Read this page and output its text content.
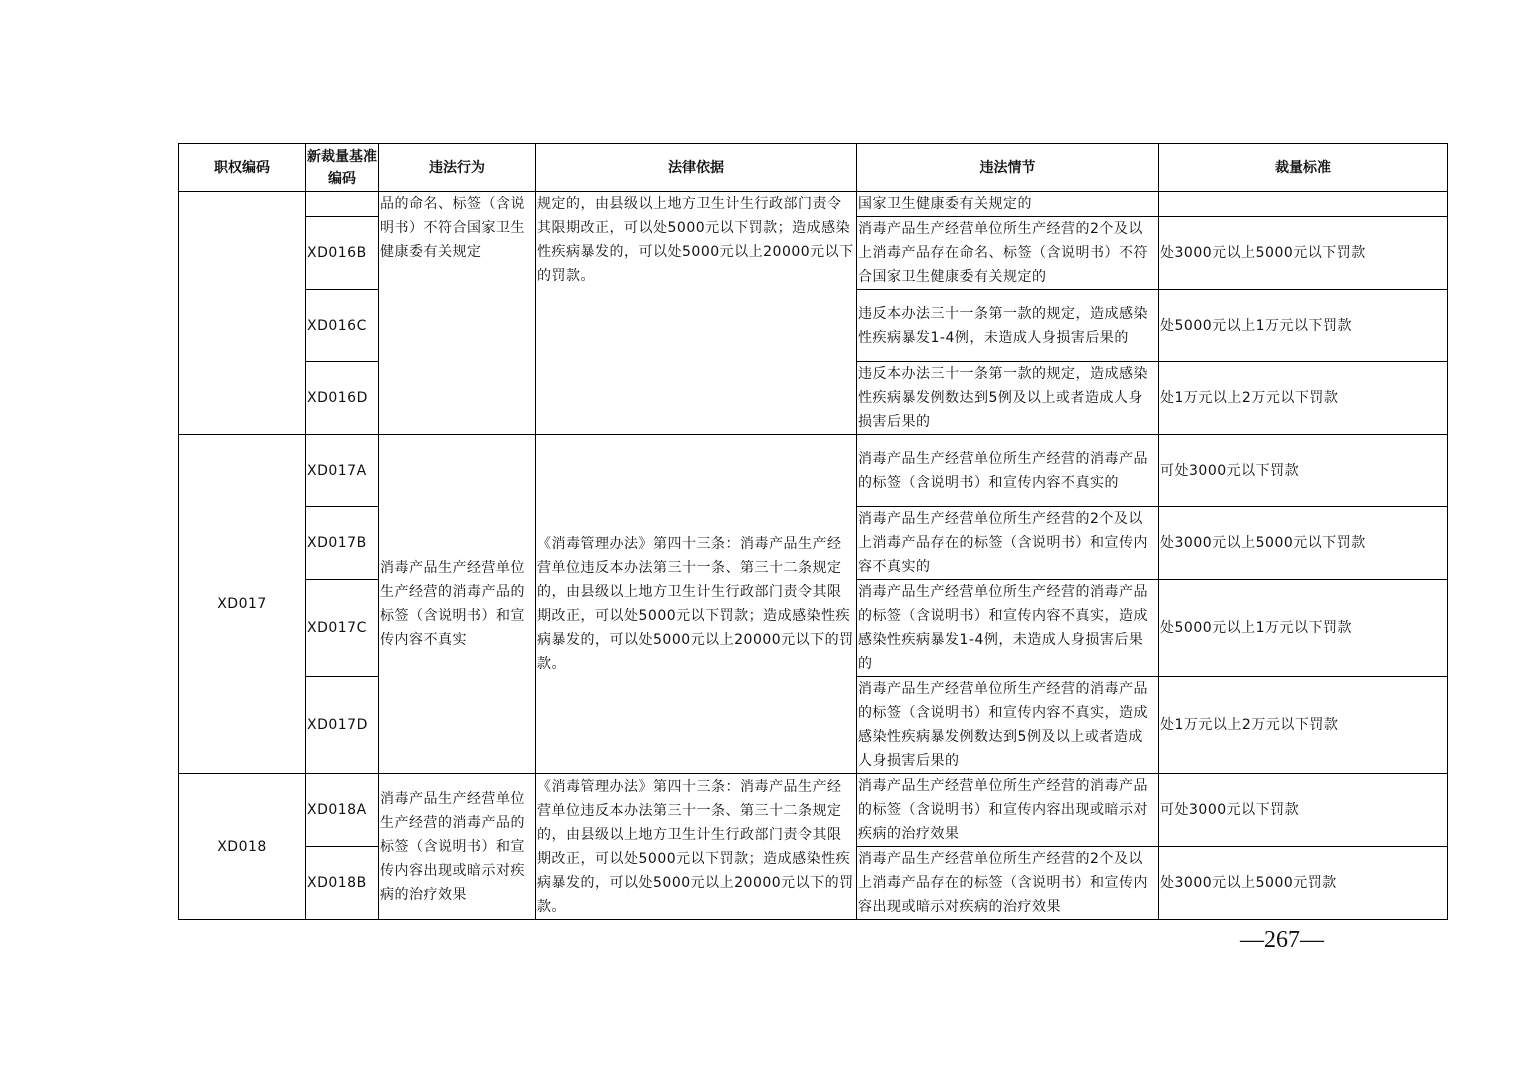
职权编码	新裁量基准编码	违法行为	法律依据	违法情节	裁量标准
		品的命名、标签（含说明书）不符合国家卫生健康委有关规定	规定的，由县级以上地方卫生计生行政部门责令其限期改正，可以处5000元以下罚款；造成感染性疾病暴发的，可以处5000元以上20000元以下的罚款。	国家卫生健康委有关规定的	
	XD016B			消毒产品生产经营单位所生产经营的2个及以上消毒产品存在命名、标签（含说明书）不符合国家卫生健康委有关规定的	处3000元以上5000元以下罚款
	XD016C			违反本办法三十一条第一款的规定，造成感染性疾病暴发1-4例，未造成人身损害后果的	处5000元以上1万元以下罚款
	XD016D			违反本办法三十一条第一款的规定，造成感染性疾病暴发例数达到5例及以上或者造成人身损害后果的	处1万元以上2万元以下罚款
XD017	XD017A	消毒产品生产经营单位生产经营的消毒产品的标签（含说明书）和宣传内容不真实	《消毒管理办法》第四十三条：消毒产品生产经营单位违反本办法第三十一条、第三十二条规定的，由县级以上地方卫生计生行政部门责令其限期改正，可以处5000元以下罚款；造成感染性疾病暴发的，可以处5000元以上20000元以下的罚款。	消毒产品生产经营单位所生产经营的消毒产品的标签（含说明书）和宣传内容不真实的	可处3000元以下罚款
	XD017B			消毒产品生产经营单位所生产经营的2个及以上消毒产品存在的标签（含说明书）和宣传内容不真实的	处3000元以上5000元以下罚款
	XD017C			消毒产品生产经营单位所生产经营的消毒产品的标签（含说明书）和宣传内容不真实，造成感染性疾病暴发1-4例，未造成人身损害后果的	处5000元以上1万元以下罚款
	XD017D			消毒产品生产经营单位所生产经营的消毒产品的标签（含说明书）和宣传内容不真实，造成感染性疾病暴发例数达到5例及以上或者造成人身损害后果的	处1万元以上2万元以下罚款
XD018	XD018A	消毒产品生产经营单位生产经营的消毒产品的标签（含说明书）和宣传内容出现或暗示对疾病的治疗效果	《消毒管理办法》第四十三条：消毒产品生产经营单位违反本办法第三十一条、第三十二条规定的，由县级以上地方卫生计生行政部门责令其限期改正，可以处5000元以下罚款；造成感染性疾病暴发的，可以处5000元以上20000元以下的罚款。	消毒产品生产经营单位所生产经营的消毒产品的标签（含说明书）和宣传内容出现或暗示对疾病的治疗效果	可处3000元以下罚款
	XD018B			消毒产品生产经营单位所生产经营的2个及以上消毒产品存在的标签（含说明书）和宣传内容出现或暗示对疾病的治疗效果	处3000元以上5000元罚款
—267—
